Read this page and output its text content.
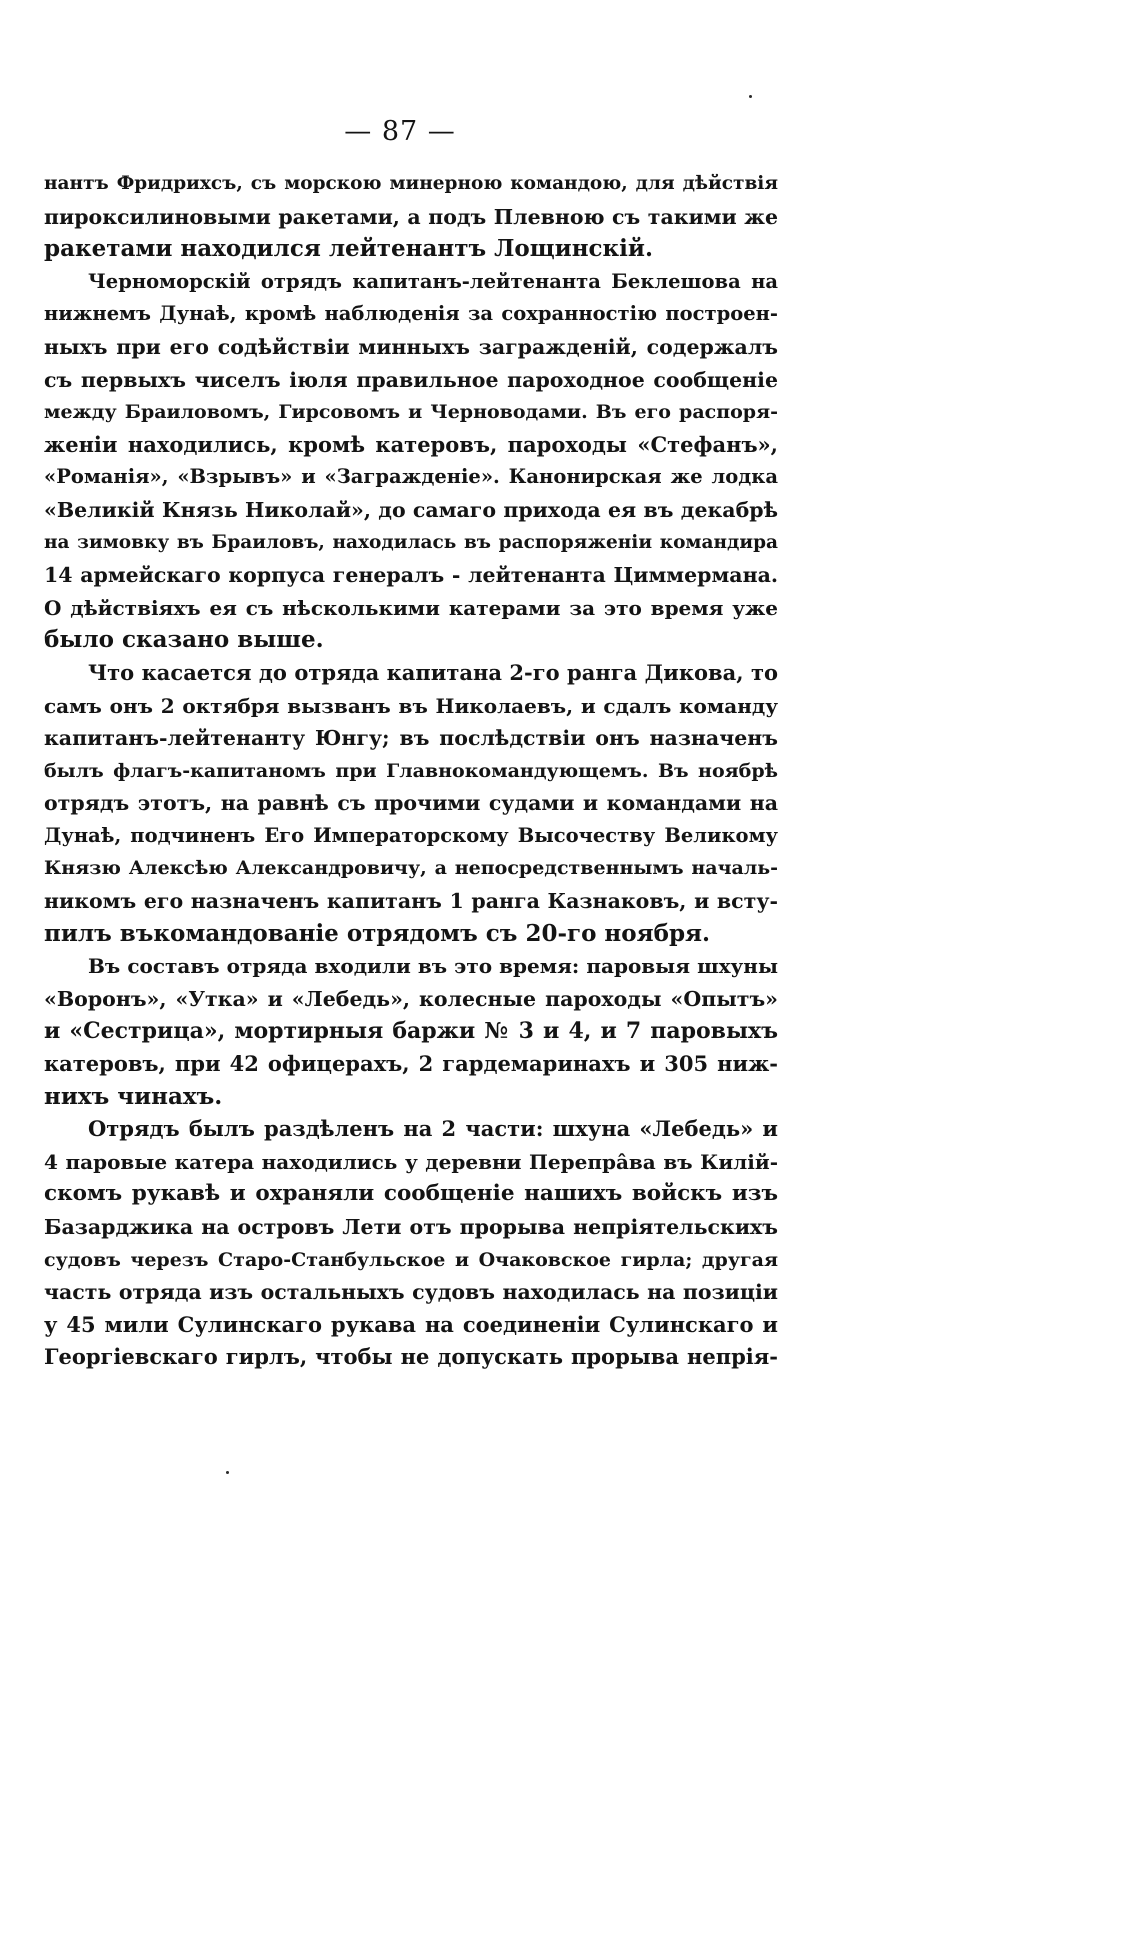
— 87 —
нантъ Фридрихсъ, съ морскою минерною командою, для дѣйствія
пироксилиновыми ракетами, а подъ Плевною съ такими же
ракетами находился лейтенантъ Лощинскій.
Черноморскій отрядъ капитанъ-лейтенанта Беклешова на
нижнемъ Дунаѣ, кромѣ наблюденія за сохранностію построен-
ныхъ при его содѣйствіи минныхъ загражденій, содержалъ
съ первыхъ чиселъ іюля правильное пароходное сообщеніе
между Браиловомъ, Гирсовомъ и Черноводами. Въ его распоря-
женіи находились, кромѣ катеровъ, пароходы «Стефанъ»,
«Романія», «Взрывъ» и «Загражденіе». Канонирская же лодка
«Великій Князь Николай», до самаго прихода ея въ декабрѣ
на зимовку въ Браиловъ, находилась въ распоряженіи командира
14 армейскаго корпуса генералъ - лейтенанта Циммермана.
О дѣйствіяхъ ея съ нѣсколькими катерами за это время уже
было сказано выше.
Что касается до отряда капитана 2-го ранга Дикова, то
самъ онъ 2 октября вызванъ въ Николаевъ, и сдалъ команду
капитанъ-лейтенанту Юнгу; въ послѣдствіи онъ назначенъ
былъ флагъ-капитаномъ при Главнокомандующемъ. Въ ноябрѣ
отрядъ этотъ, на равнѣ съ прочими судами и командами на
Дунаѣ, подчиненъ Его Императорскому Высочеству Великому
Князю Алексѣю Александровичу, а непосредственнымъ началь-
никомъ его назначенъ капитанъ 1 ранга Казнаковъ, и всту-
пилъ въкомандованіе отрядомъ съ 20-го ноября.
Въ составъ отряда входили въ это время: паровыя шхуны
«Воронъ», «Утка» и «Лебедь», колесные пароходы «Опытъ»
и «Сестрица», мортирныя баржи № 3 и 4, и 7 паровыхъ
катеровъ, при 42 офицерахъ, 2 гардемаринахъ и 305 ниж-
нихъ чинахъ.
Отрядъ былъ раздѣленъ на 2 части: шхуна «Лебедь» и
4 паровые катера находились у деревни Перепрâва въ Килій-
скомъ рукавѣ и охраняли сообщеніе нашихъ войскъ изъ
Базарджика на островъ Лети отъ прорыва непріятельскихъ
судовъ черезъ Старо-Станбульское и Очаковское гирла; другая
часть отряда изъ остальныхъ судовъ находилась на позиціи
у 45 мили Сулинскаго рукава на соединеніи Сулинскаго и
Георгіевскаго гирлъ, чтобы не допускать прорыва непрія-
